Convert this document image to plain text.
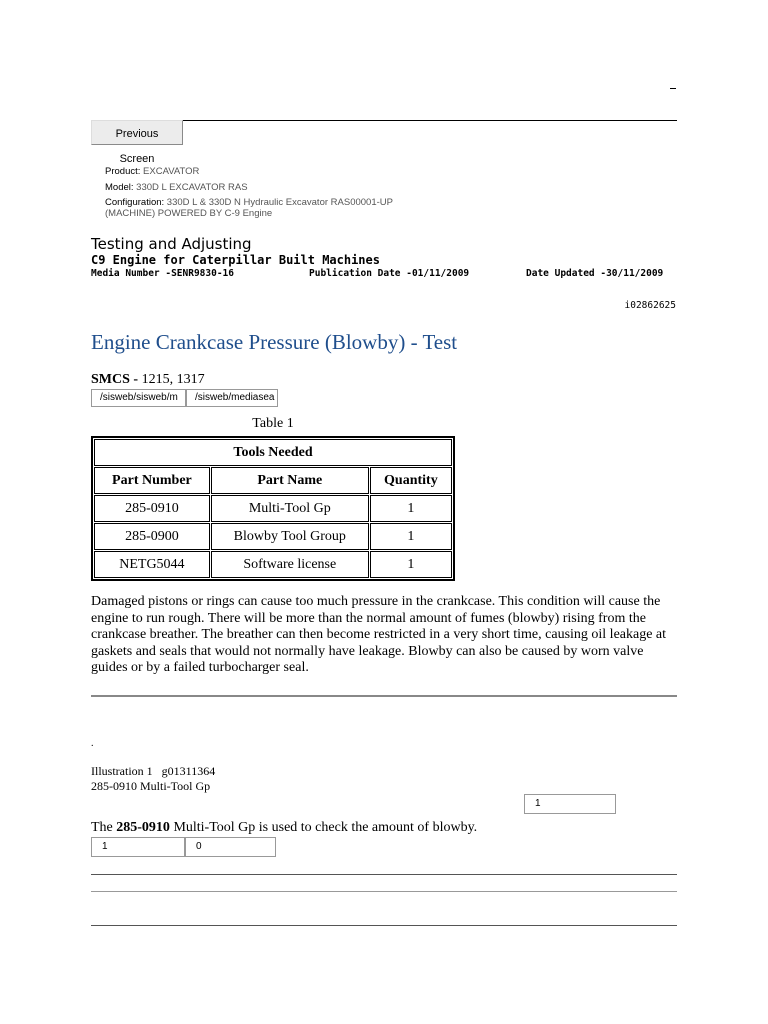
Previous Screen
Product: EXCAVATOR
Model: 330D L EXCAVATOR RAS
Configuration: 330D L & 330D N Hydraulic Excavator RAS00001-UP
(MACHINE) POWERED BY C-9 Engine
Testing and Adjusting
C9 Engine for Caterpillar Built Machines
Media Number -SENR9830-16	Publication Date -01/11/2009	Date Updated -30/11/2009
i02862625
Engine Crankcase Pressure (Blowby) - Test
SMCS - 1215, 1317
/sisweb/sisweb/m	/sisweb/mediasea
Table 1
Tools Needed		
Part Number	Part Name	Quantity
285-0910	Multi-Tool Gp	1
285-0900	Blowby Tool Group	1
NETG5044	Software license	1
Damaged pistons or rings can cause too much pressure in the crankcase. This condition will cause the engine to run rough. There will be more than the normal amount of fumes (blowby) rising from the crankcase breather. The breather can then become restricted in a very short time, causing oil leakage at gaskets and seals that would not normally have leakage. Blowby can also be caused by worn valve guides or by a failed turbocharger seal.
.
Illustration 1 g01311364
285-0910 Multi-Tool Gp
1
The 285-0910 Multi-Tool Gp is used to check the amount of blowby.
1	0
